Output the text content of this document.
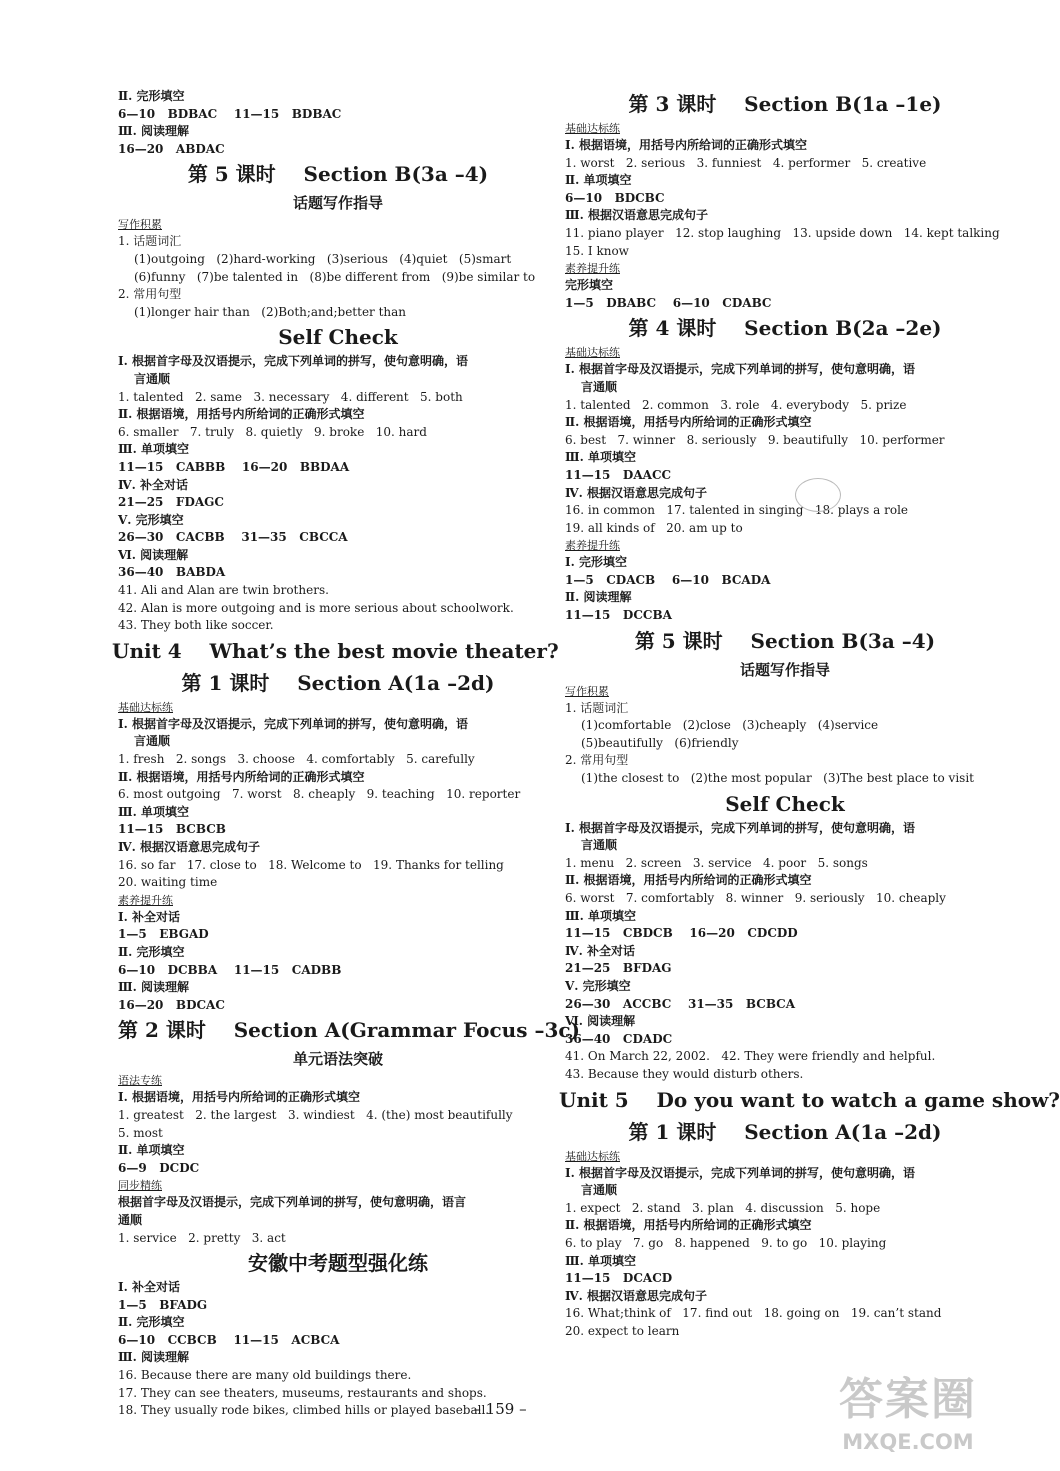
Ⅱ. 完形填空
6—10   BDBAC    11—15   BDBAC
Ⅲ. 阅读理解
16—20   ABDAC
第 5 课时    Section B(3a –4)
话题写作指导
写作积累
1. 话题词汇
(1)outgoing   (2)hard-working   (3)serious   (4)quiet   (5)smart
(6)funny   (7)be talented in   (8)be different from   (9)be similar to
2. 常用句型
(1)longer hair than   (2)Both;and;better than
Self Check
Ⅰ. 根据首字母及汉语提示，完成下列单词的拼写，使句意明确，语
言通顺
1. talented   2. same   3. necessary   4. different   5. both
Ⅱ. 根据语境，用括号内所给词的正确形式填空
6. smaller   7. truly   8. quietly   9. broke   10. hard
Ⅲ. 单项填空
11—15   CABBB    16—20   BBDAA
Ⅳ. 补全对话
21—25   FDAGC
Ⅴ. 完形填空
26—30   CACBB    31—35   CBCCA
Ⅵ. 阅读理解
36—40   BABDA
41. Ali and Alan are twin brothers.
42. Alan is more outgoing and is more serious about schoolwork.
43. They both like soccer.
Unit 4    What’s the best movie theater?
第 1 课时    Section A(1a –2d)
基础达标练
Ⅰ. 根据首字母及汉语提示，完成下列单词的拼写，使句意明确，语
言通顺
1. fresh   2. songs   3. choose   4. comfortably   5. carefully
Ⅱ. 根据语境，用括号内所给词的正确形式填空
6. most outgoing   7. worst   8. cheaply   9. teaching   10. reporter
Ⅲ. 单项填空
11—15   BCBCB
Ⅳ. 根据汉语意思完成句子
16. so far   17. close to   18. Welcome to   19. Thanks for telling
20. waiting time
素养提升练
Ⅰ. 补全对话
1—5   EBGAD
Ⅱ. 完形填空
6—10   DCBBA    11—15   CADBB
Ⅲ. 阅读理解
16—20   BDCAC
第 2 课时    Section A(Grammar Focus –3c)
单元语法突破
语法专练
Ⅰ. 根据语境，用括号内所给词的正确形式填空
1. greatest   2. the largest   3. windiest   4. (the) most beautifully
5. most
Ⅱ. 单项填空
6—9   DCDC
同步精练
根据首字母及汉语提示，完成下列单词的拼写，使句意明确，语言
通顺
1. service   2. pretty   3. act
安徽中考题型强化练
Ⅰ. 补全对话
1—5   BFADG
Ⅱ. 完形填空
6—10   CCBCB    11—15   ACBCA
Ⅲ. 阅读理解
16. Because there are many old buildings there.
17. They can see theaters, museums, restaurants and shops.
18. They usually rode bikes, climbed hills or played baseball.
第 3 课时    Section B(1a –1e)
基础达标练
Ⅰ. 根据语境，用括号内所给词的正确形式填空
1. worst   2. serious   3. funniest   4. performer   5. creative
Ⅱ. 单项填空
6—10   BDCBC
Ⅲ. 根据汉语意思完成句子
11. piano player   12. stop laughing   13. upside down   14. kept talking
15. I know
素养提升练
完形填空
1—5   DBABC    6—10   CDABC
第 4 课时    Section B(2a –2e)
基础达标练
Ⅰ. 根据首字母及汉语提示，完成下列单词的拼写，使句意明确，语
言通顺
1. talented   2. common   3. role   4. everybody   5. prize
Ⅱ. 根据语境，用括号内所给词的正确形式填空
6. best   7. winner   8. seriously   9. beautifully   10. performer
Ⅲ. 单项填空
11—15   DAACC
Ⅳ. 根据汉语意思完成句子
16. in common   17. talented in singing   18. plays a role
19. all kinds of   20. am up to
素养提升练
Ⅰ. 完形填空
1—5   CDACB    6—10   BCADA
Ⅱ. 阅读理解
11—15   DCCBA
第 5 课时    Section B(3a –4)
话题写作指导
写作积累
1. 话题词汇
(1)comfortable   (2)close   (3)cheaply   (4)service
(5)beautifully   (6)friendly
2. 常用句型
(1)the closest to   (2)the most popular   (3)The best place to visit
Self Check
Ⅰ. 根据首字母及汉语提示，完成下列单词的拼写，使句意明确，语
言通顺
1. menu   2. screen   3. service   4. poor   5. songs
Ⅱ. 根据语境，用括号内所给词的正确形式填空
6. worst   7. comfortably   8. winner   9. seriously   10. cheaply
Ⅲ. 单项填空
11—15   CBDCB    16—20   CDCDD
Ⅳ. 补全对话
21—25   BFDAG
Ⅴ. 完形填空
26—30   ACCBC    31—35   BCBCA
Ⅵ. 阅读理解
36—40   CDADC
41. On March 22, 2002.   42. They were friendly and helpful.
43. Because they would disturb others.
Unit 5    Do you want to watch a game show?
第 1 课时    Section A(1a –2d)
基础达标练
Ⅰ. 根据首字母及汉语提示，完成下列单词的拼写，使句意明确，语
言通顺
1. expect   2. stand   3. plan   4. discussion   5. hope
Ⅱ. 根据语境，用括号内所给词的正确形式填空
6. to play   7. go   8. happened   9. to go   10. playing
Ⅲ. 单项填空
11—15   DCACD
Ⅳ. 根据汉语意思完成句子
16. What;think of   17. find out   18. going on   19. can’t stand
20. expect to learn
– 159 –	答案圈
MXQE.COM
